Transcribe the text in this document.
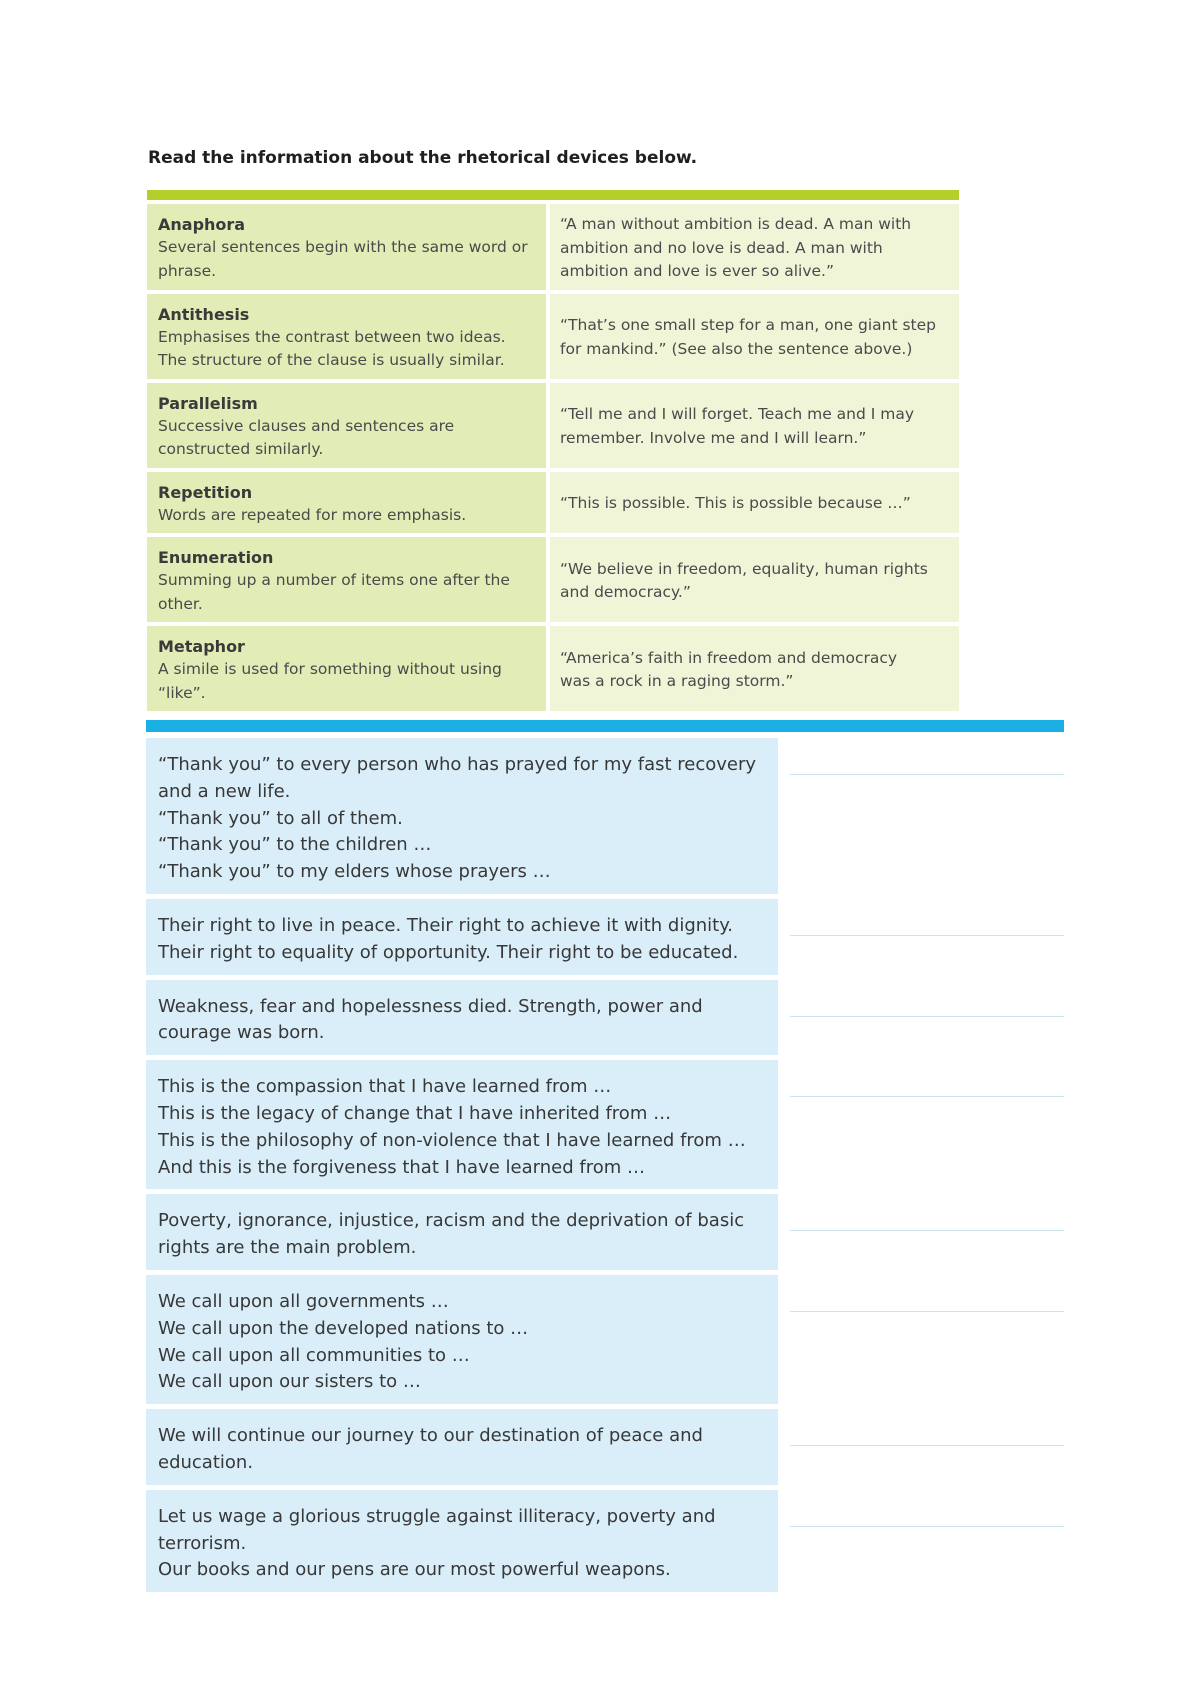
Read the information about the rhetorical devices below.

Anaphora
Several sentences begin with the same word or
phrase.
“A man without ambition is dead. A man with
ambition and no love is dead. A man with
ambition and love is ever so alive.”
Antithesis
Emphasises the contrast between two ideas.
The structure of the clause is usually similar.
“That’s one small step for a man, one giant step
for mankind.” (See also the sentence above.)
Parallelism
Successive clauses and sentences are
constructed similarly.
“Tell me and I will forget. Teach me and I may
remember. Involve me and I will learn.”
Repetition
Words are repeated for more emphasis.
“This is possible. This is possible because …”
Enumeration
Summing up a number of items one after the
other.
“We believe in freedom, equality, human rights
and democracy.”
Metaphor
A simile is used for something without using
“like”.
“America’s faith in freedom and democracy
was a rock in a raging storm.”
“Thank you” to every person who has prayed for my fast recovery
and a new life.
“Thank you” to all of them.
“Thank you” to the children …
“Thank you” to my elders whose prayers …
Their right to live in peace. Their right to achieve it with dignity.
Their right to equality of opportunity. Their right to be educated.
Weakness, fear and hopelessness died. Strength, power and
courage was born.
This is the compassion that I have learned from …
This is the legacy of change that I have inherited from …
This is the philosophy of non-violence that I have learned from …
And this is the forgiveness that I have learned from …
Poverty, ignorance, injustice, racism and the deprivation of basic
rights are the main problem.
We call upon all governments …
We call upon the developed nations to …
We call upon all communities to …
We call upon our sisters to …
We will continue our journey to our destination of peace and
education.
Let us wage a glorious struggle against illiteracy, poverty and
terrorism.
Our books and our pens are our most powerful weapons.
